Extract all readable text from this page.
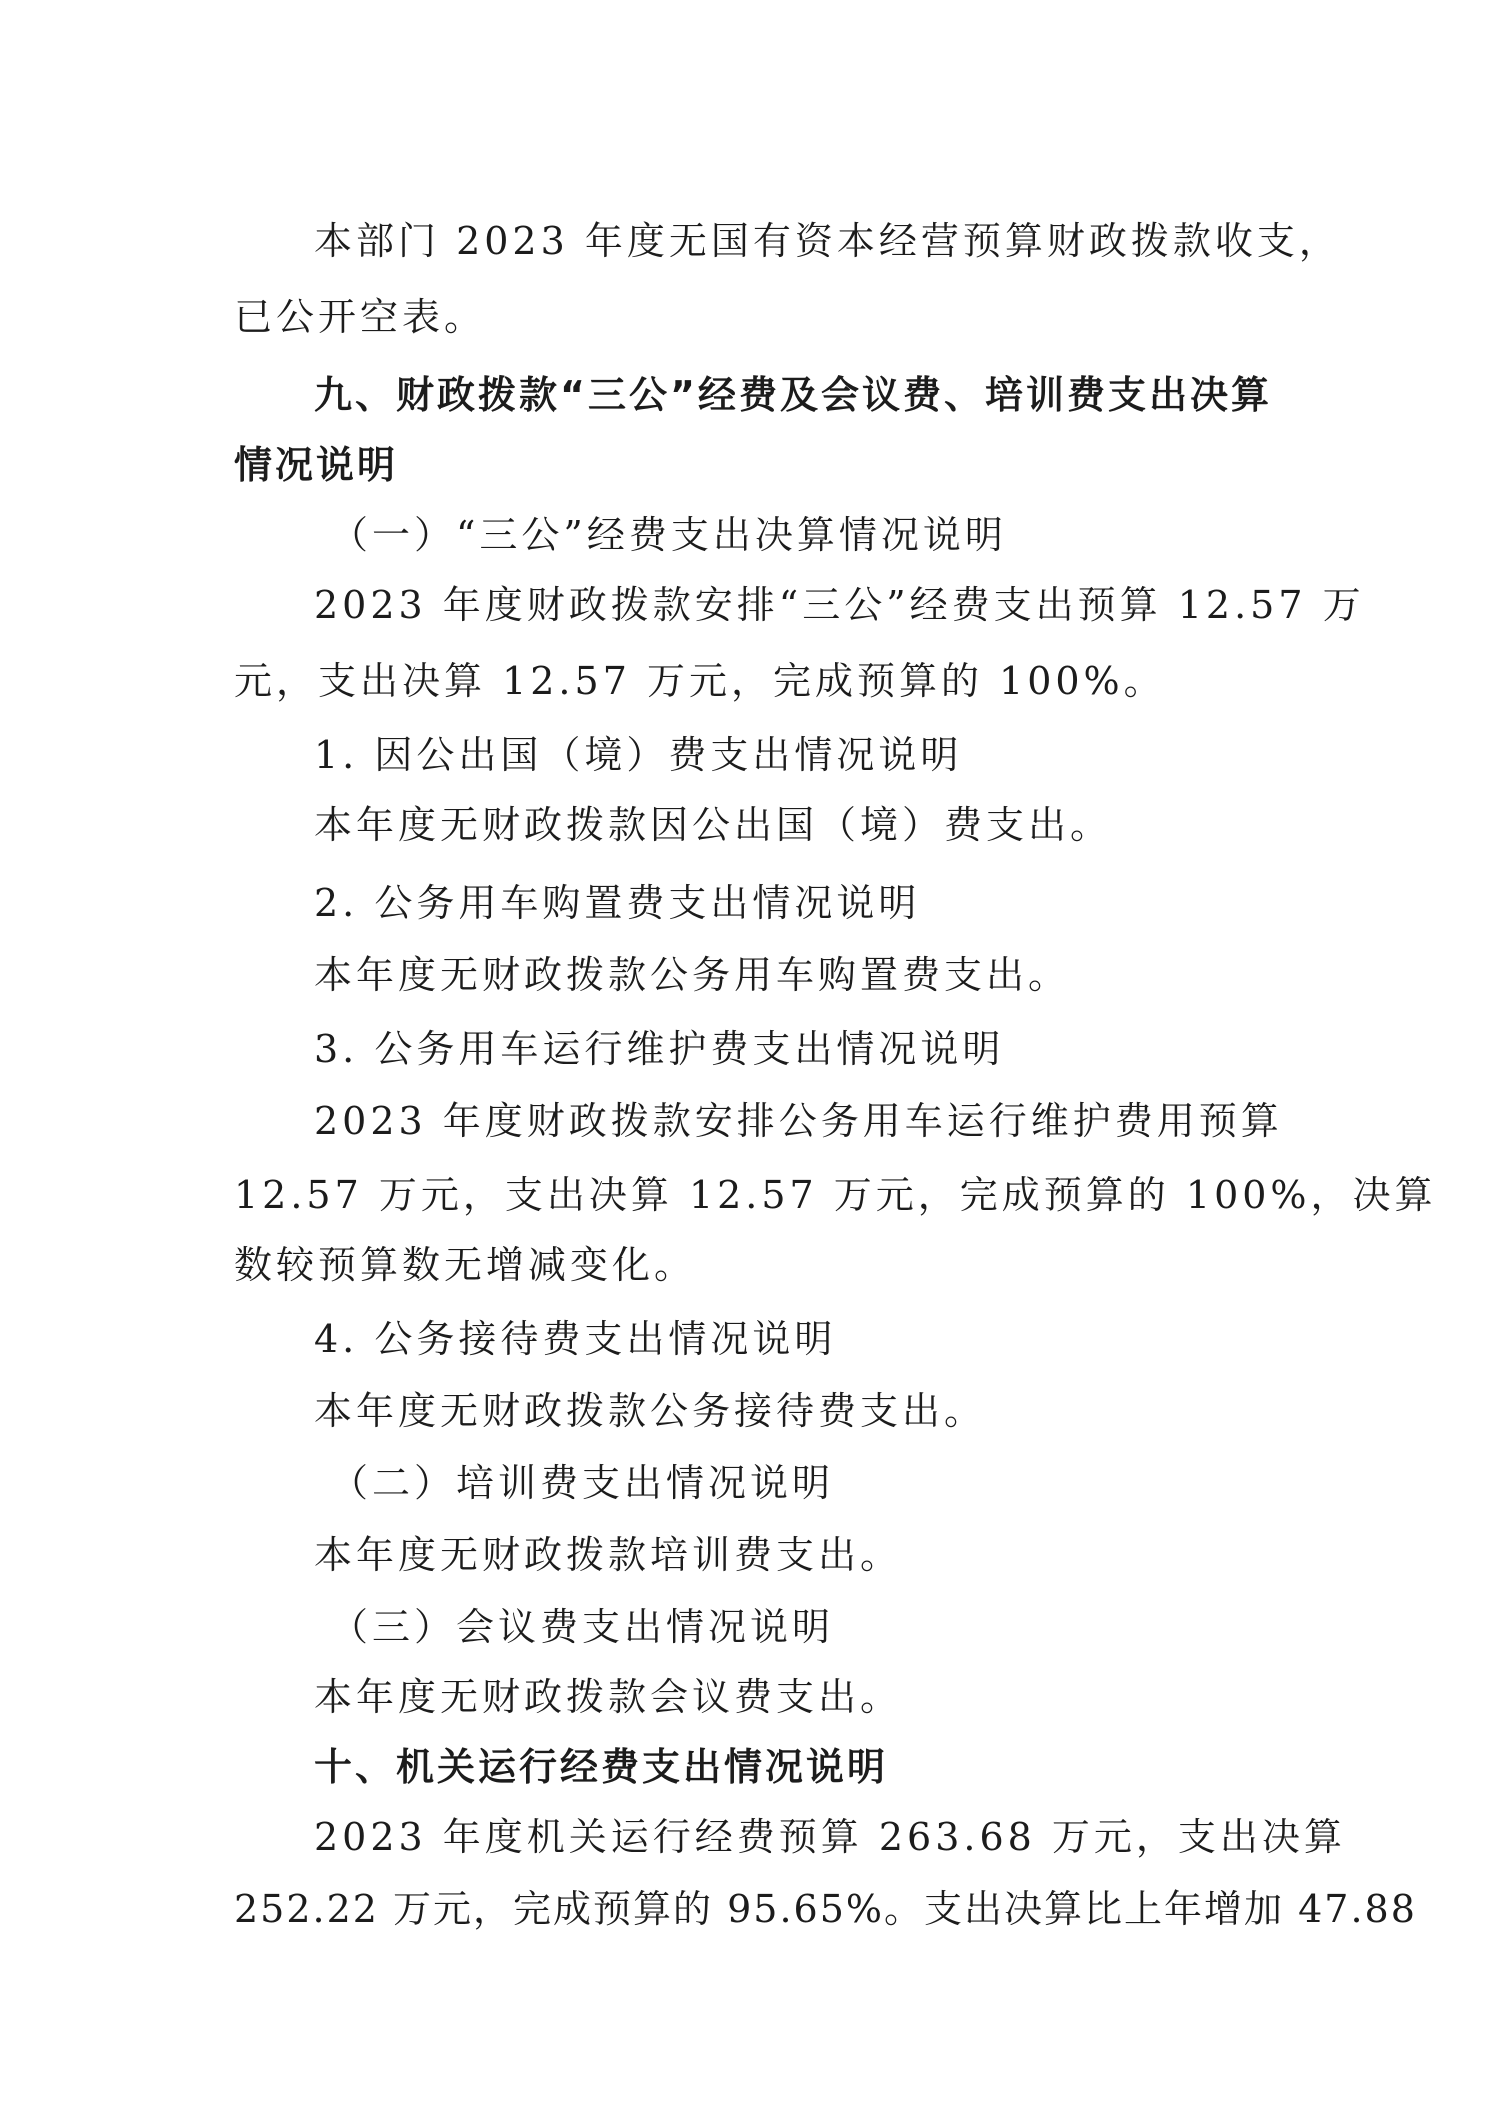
本部门 2023 年度无国有资本经营预算财政拨款收支，
已公开空表。
九、财政拨款“三公”经费及会议费、培训费支出决算
情况说明
（一）“三公”经费支出决算情况说明
2023 年度财政拨款安排“三公”经费支出预算 12.57 万
元，支出决算 12.57 万元，完成预算的 100%。
1. 因公出国（境）费支出情况说明
本年度无财政拨款因公出国（境）费支出。
2. 公务用车购置费支出情况说明
本年度无财政拨款公务用车购置费支出。
3. 公务用车运行维护费支出情况说明
2023 年度财政拨款安排公务用车运行维护费用预算
12.57 万元，支出决算 12.57 万元，完成预算的 100%，决算
数较预算数无增减变化。
4. 公务接待费支出情况说明
本年度无财政拨款公务接待费支出。
（二）培训费支出情况说明
本年度无财政拨款培训费支出。
（三）会议费支出情况说明
本年度无财政拨款会议费支出。
十、机关运行经费支出情况说明
2023 年度机关运行经费预算 263.68 万元，支出决算
252.22 万元，完成预算的 95.65%。支出决算比上年增加 47.88
